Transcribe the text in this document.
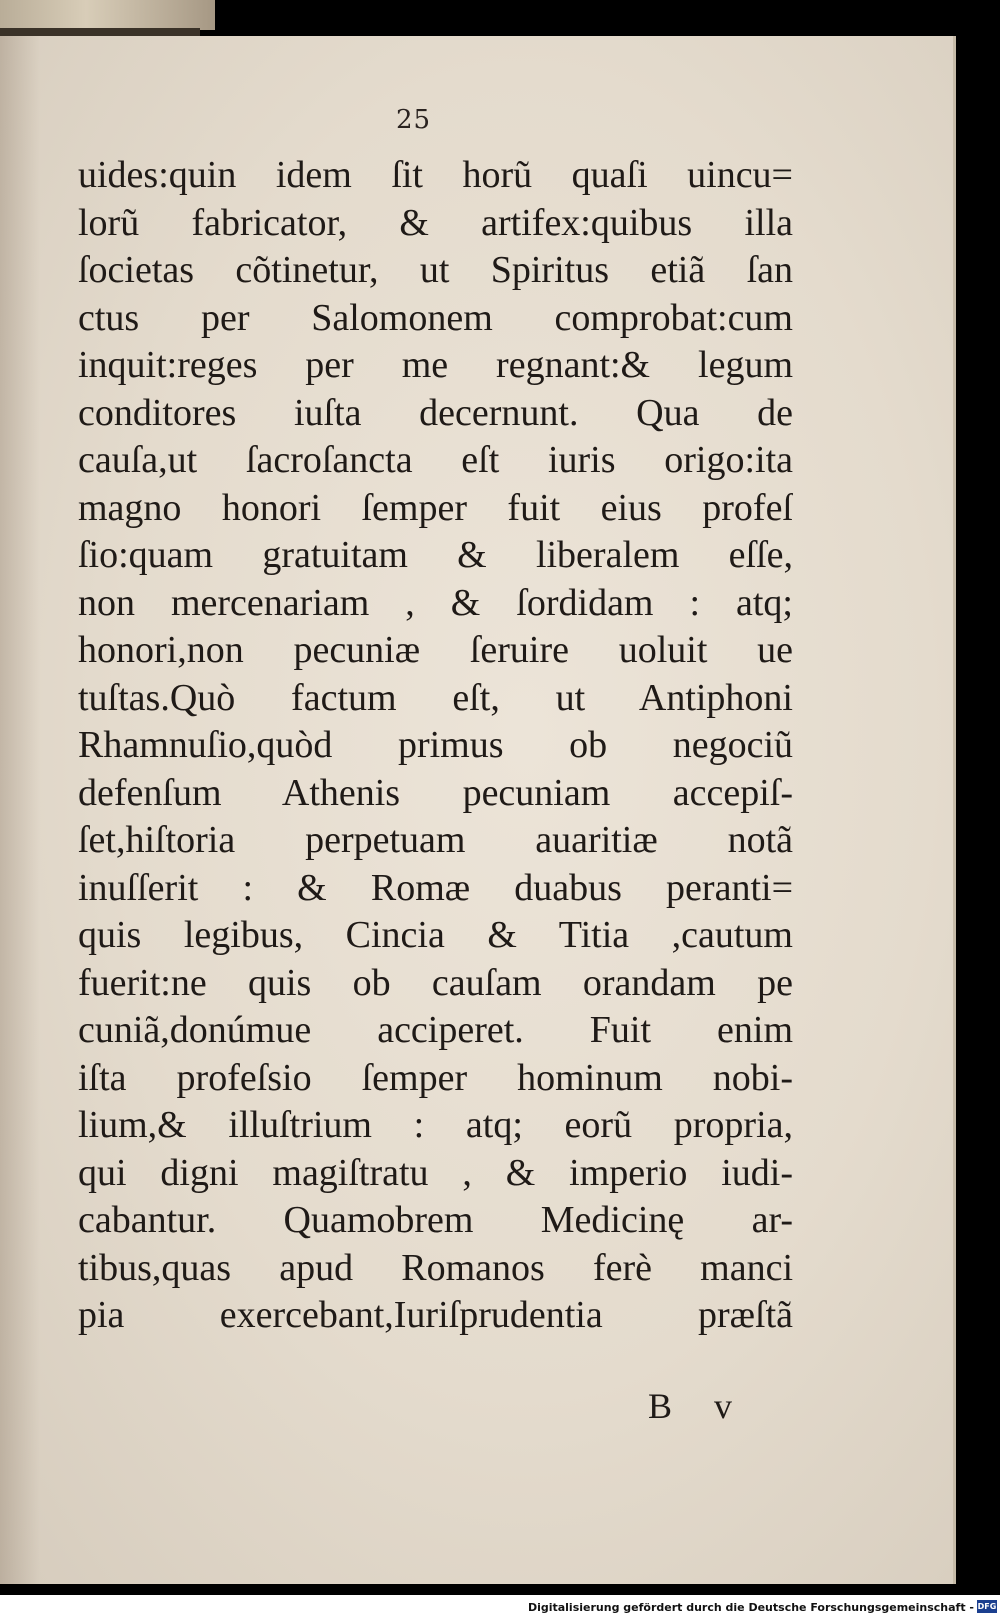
25
uides:quin idem ſit horũ quaſi uincu=
lorũ fabricator, & artifex:quibus illa
ſocietas cõtinetur, ut Spiritus etiã ſan
ctus per Salomonem comprobat:cum
inquit:reges per me regnant:& legum
conditores iuſta decernunt. Qua de
cauſa,ut ſacroſancta eſt iuris origo:ita
magno honori ſemper fuit eius profeſ
ſio:quam gratuitam & liberalem eſſe,
non mercenariam , & ſordidam : atq;
honori,non pecuniæ ſeruire uoluit ue
tuſtas.Quò factum eſt, ut Antiphoni
Rhamnuſio,quòd primus ob negociũ
defenſum Athenis pecuniam accepiſ-
ſet,hiſtoria perpetuam auaritiæ notã
inuſſerit : & Romæ duabus peranti=
quis legibus, Cincia & Titia ,cautum
fuerit:ne quis ob cauſam orandam pe
cuniã,donúmue acciperet. Fuit enim
iſta profeſsio ſemper hominum nobi-
lium,& illuſtrium : atq; eorũ propria,
qui digni magiſtratu , & imperio iudi-
cabantur. Quamobrem Medicinę ar-
tibus,quas apud Romanos ferè manci
pia exercebant,Iuriſprudentia præſtã
B v
Digitalisierung gefördert durch die Deutsche Forschungsgemeinschaft - DFG
